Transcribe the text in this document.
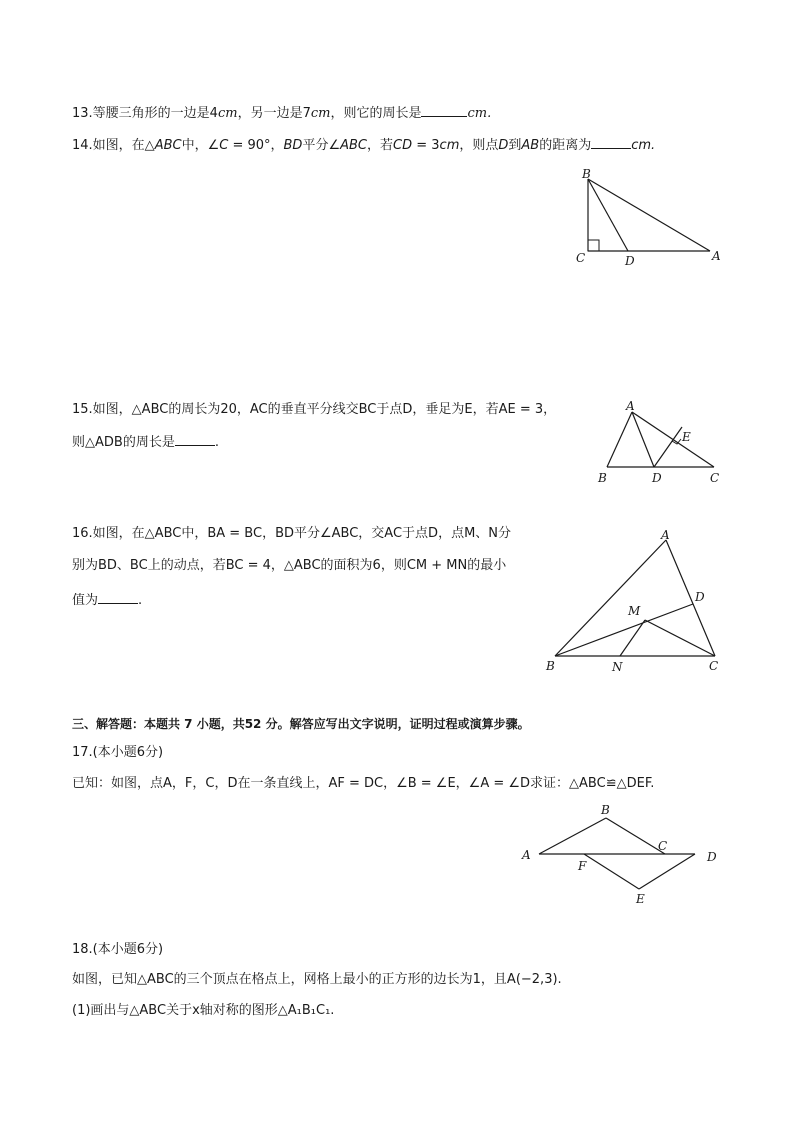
13.等腰三角形的一边是4cm，另一边是7cm，则它的周长是	cm.
14.如图，在△ABC中，∠C = 90°，BD平分∠ABC，若CD = 3cm，则点D到AB的距离为	cm.
B
C	D	A
15.如图，△ABC的周长为20，AC的垂直平分线交BC于点D，垂足为E，若AE = 3，
则△ADB的周长是	.
A
E
B	D	C
16.如图，在△ABC中，BA = BC，BD平分∠ABC，交AC于点D，点M、N分
别为BD、BC上的动点，若BC = 4，△ABC的面积为6，则CM + MN的最小
值为	.
A
D
M
B	N	C
三、解答题：本题共 7 小题，共52 分。解答应写出文字说明，证明过程或演算步骤。
17.(本小题6分)
已知：如图，点A，F，C，D在一条直线上，AF = DC，∠B = ∠E，∠A = ∠D求证：△ABC≌△DEF.
B
A
C
D
F
E
18.(本小题6分)
如图，已知△ABC的三个顶点在格点上，网格上最小的正方形的边长为1，且A(−2,3).
(1)画出与△ABC关于x轴对称的图形△A₁B₁C₁.
